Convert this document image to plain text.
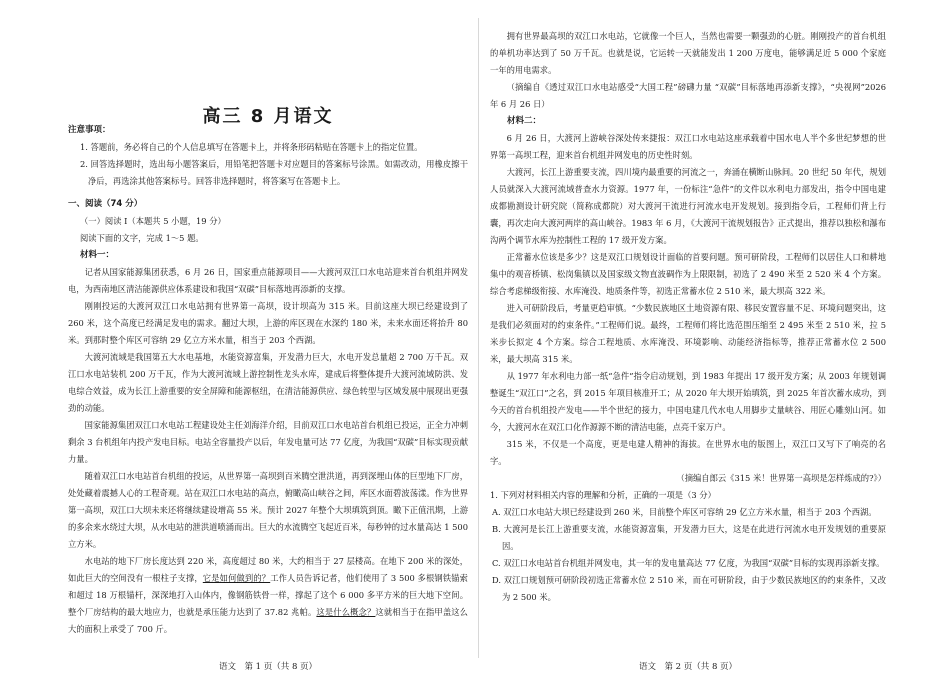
高三 8 月语文

注意事项：

1. 答题前，务必将自己的个人信息填写在答题卡上，并将条形码粘贴在答题卡上的指定位置。

2. 回答选择题时，选出每小题答案后，用铅笔把答题卡对应题目的答案标号涂黑。如需改动，用橡皮擦干净后，再选涂其他答案标号。回答非选择题时，将答案写在答题卡上。

一、阅读（74 分）

（一）阅读 I（本题共 5 小题，19 分）

阅读下面的文字，完成 1～5 题。

材料一：

记者从国家能源集团获悉，6 月 26 日，国家重点能源项目——大渡河双江口水电站迎来首台机组并网发电，为西南地区清洁能源供应体系建设和我国“双碳”目标落地再添新的支撑。

刚刚投运的大渡河双江口水电站拥有世界第一高坝，设计坝高为 315 米。目前这座大坝已经建设到了 260 米，这个高度已经满足发电的需求。翻过大坝，上游的库区现在水深约 180 米，未来水面还将抬升 80 米。到那时整个库区可容纳 29 亿立方米水量，相当于 203 个西湖。

大渡河流域是我国第五大水电基地，水能资源富集，开发潜力巨大，水电开发总量超 2 700 万千瓦。双江口水电站装机 200 万千瓦，作为大渡河流域上游控制性龙头水库，建成后将整体提升大渡河流域防洪、发电综合效益，成为长江上游重要的安全屏障和能源枢纽，在清洁能源供应、绿色转型与区域发展中展现出更强劲的动能。

国家能源集团双江口水电站工程建设处主任刘海洋介绍，目前双江口水电站首台机组已投运，正全力冲刺剩余 3 台机组年内投产发电目标。电站全容量投产以后，年发电量可达 77 亿度，为我国“双碳”目标实现贡献力量。

随着双江口水电站首台机组的投运，从世界第一高坝到百米腾空泄洪道，再到深埋山体的巨型地下厂房，处处藏着震撼人心的工程奇观。站在双江口水电站的高点，俯瞰高山峡谷之间，库区水面碧波荡漾。作为世界第一高坝，双江口大坝未来还将继续建设增高 55 米。预计 2027 年整个大坝填筑到顶。瞰下正值汛期，上游的多余来水绕过大坝，从水电站的泄洪道喷涌而出。巨大的水流腾空飞起近百米，每秒钟的过水量高达 1 500 立方米。

水电站的地下厂房长度达到 220 米，高度超过 80 米，大约相当于 27 层楼高。在地下 200 米的深处，如此巨大的空间没有一根柱子支撑，它是如何做到的？工作人员告诉记者，他们使用了 3 500 多根钢铁锚索和超过 18 万根锚杆，深深地打入山体内，像钢筋铁骨一样，撑起了这个 6 000 多平方米的巨大地下空间。整个厂房结构的最大地应力，也就是承压能力达到了 37.82 兆帕。这是什么概念？这就相当于在指甲盖这么大的面积上承受了 700 斤。

语文　第 1 页（共 8 页）

拥有世界最高坝的双江口水电站，它就像一个巨人，当然也需要一颗强劲的心脏。刚刚投产的首台机组的单机功率达到了 50 万千瓦。也就是说，它运转一天就能发出 1 200 万度电，能够满足近 5 000 个家庭一年的用电需求。

（摘编自《透过双江口水电站感受“大国工程”磅礴力量 “双碳”目标落地再添新支撑》，“央视网”2026 年 6 月 26 日）

材料二：

6 月 26 日，大渡河上游峡谷深处传来捷报：双江口水电站这座承载着中国水电人半个多世纪梦想的世界第一高坝工程，迎来首台机组并网发电的历史性时刻。

大渡河，长江上游重要支流，四川境内最重要的河流之一，奔涌在横断山脉间。20 世纪 50 年代，规划人员就深入大渡河流域普查水力资源。1977 年，一份标注“急件”的文件以水利电力部发出，指令中国电建成都勘测设计研究院（简称成都院）对大渡河干流进行河流水电开发规划。接到指令后，工程师们背上行囊，再次走向大渡河两岸的高山峡谷。1983 年 6 月，《大渡河干流规划报告》正式提出，推荐以独松和瀑布沟两个调节水库为控制性工程的 17 级开发方案。

正常蓄水位该是多少？这是双江口规划设计面临的首要问题。预可研阶段，工程师们以居住人口和耕地集中的观音桥镇、松岗集镇以及国家级文物直波碉作为上限限制，初选了 2 490 米至 2 520 米 4 个方案。综合考虑梯级衔接、水库淹没、地质条件等，初选正常蓄水位 2 510 米，最大坝高 322 米。

进入可研阶段后，考量更趋审慎。“少数民族地区土地资源有限、移民安置容量不足、环境问题突出，这是我们必须面对的约束条件。”工程师们说。最终，工程师们将比选范围压缩至 2 495 米至 2 510 米，拉 5 米步长拟定 4 个方案。综合工程地质、水库淹没、环境影响、动能经济指标等，推荐正常蓄水位 2 500 米，最大坝高 315 米。

从 1977 年水利电力部一纸“急件”指令启动规划，到 1983 年提出 17 级开发方案；从 2003 年规划调整诞生“双江口”之名，到 2015 年项目核准开工；从 2020 年大坝开始填筑，到 2025 年首次蓄水成功，到今天的首台机组投产发电——半个世纪的接力，中国电建几代水电人用脚步丈量峡谷、用匠心雕刻山河。如今，大渡河水在双江口化作源源不断的清洁电能，点亮千家万户。

315 米，不仅是一个高度，更是电建人精神的海拔。在世界水电的版图上，双江口又写下了响亮的名字。

（摘编自郎云《315 米！世界第一高坝是怎样炼成的?》）

1. 下列对材料相关内容的理解和分析，正确的一项是（3 分）

A. 双江口水电站大坝已经建设到 260 米，目前整个库区可容纳 29 亿立方米水量，相当于 203 个西湖。

B. 大渡河是长江上游重要支流，水能资源富集，开发潜力巨大，这是在此进行河流水电开发规划的重要原因。

C. 双江口水电站首台机组并网发电，其一年的发电量高达 77 亿度，为我国“双碳”目标的实现再添新支撑。

D. 双江口规划预可研阶段初选正常蓄水位 2 510 米，而在可研阶段，由于少数民族地区的约束条件，又改为 2 500 米。

语文　第 2 页（共 8 页）
